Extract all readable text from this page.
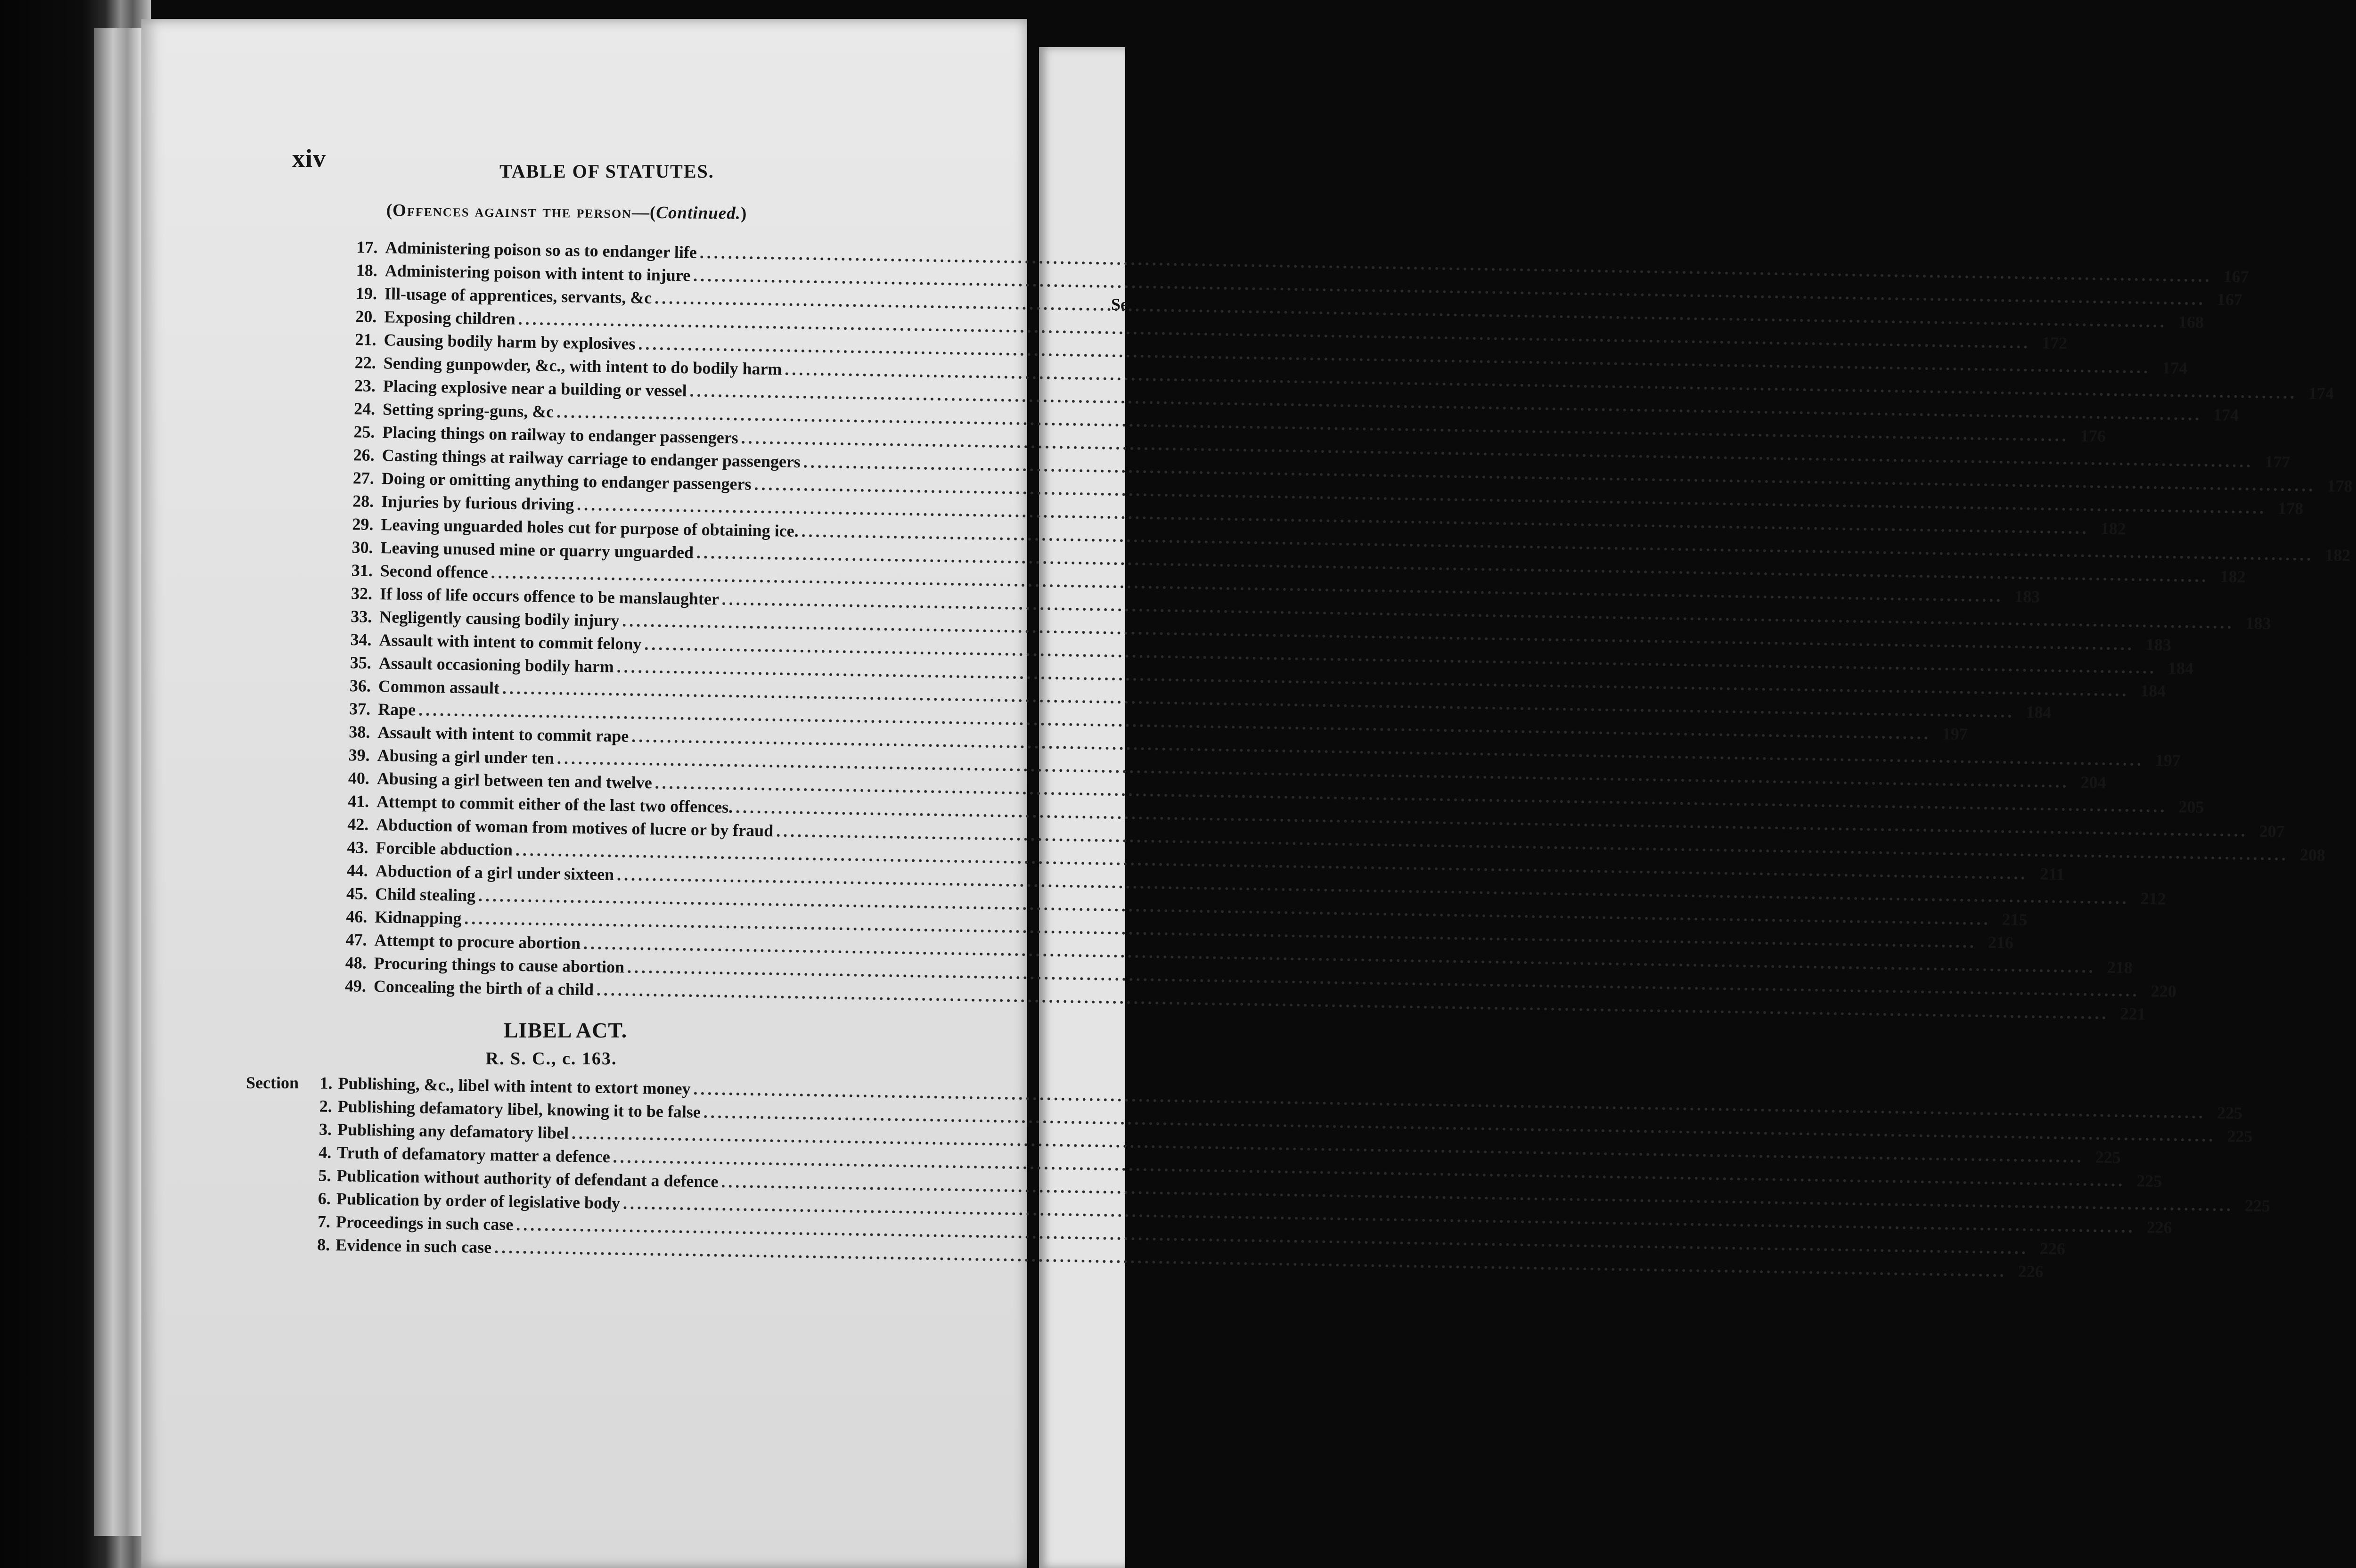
Se
xiv	TABLE OF STATUTES.
(Offences against the person—(Continued.)
17. Administering poison so as to endanger life
.....
167
18. Administering poison with intent to injure
.....
167
19. Ill-usage of apprentices, servants, &c
.....
168
20. Exposing children
.....
172
21. Causing bodily harm by explosives
.....
174
22. Sending gunpowder, &c., with intent to do bodily harm
.....
174
23. Placing explosive near a building or vessel
.....
174
24. Setting spring-guns, &c
.....
176
25. Placing things on railway to endanger passengers
.....
177
26. Casting things at railway carriage to endanger passengers
.....
178
27. Doing or omitting anything to endanger passengers
.....
178
28. Injuries by furious driving
.....
182
29. Leaving unguarded holes cut for purpose of obtaining ice.
.....
182
30. Leaving unused mine or quarry unguarded
.....
182
31. Second offence
.....
183
32. If loss of life occurs offence to be manslaughter
.....
183
33. Negligently causing bodily injury
.....
183
34. Assault with intent to commit felony
.....
184
35. Assault occasioning bodily harm
.....
184
36. Common assault
.....
184
37. Rape
.....
197
38. Assault with intent to commit rape
.....
197
39. Abusing a girl under ten
.....
204
40. Abusing a girl between ten and twelve
.....
205
41. Attempt to commit either of the last two offences.
.....
207
42. Abduction of woman from motives of lucre or by fraud
.....
208
43. Forcible abduction
.....
211
44. Abduction of a girl under sixteen
.....
212
45. Child stealing
.....
215
46. Kidnapping
.....
216
47. Attempt to procure abortion
.....
218
48. Procuring things to cause abortion
.....
220
49. Concealing the birth of a child
.....
221
LIBEL ACT.
R. S. C., c. 163.
Section	1. Publishing, &c., libel with intent to extort money
.....
225
2. Publishing defamatory libel, knowing it to be false
.....
225
3. Publishing any defamatory libel
.....
225
4. Truth of defamatory matter a defence
.....
225
5. Publication without authority of defendant a defence
.....
225
6. Publication by order of legislative body
.....
226
7. Proceedings in such case
.....
226
8. Evidence in such case
.....
226
